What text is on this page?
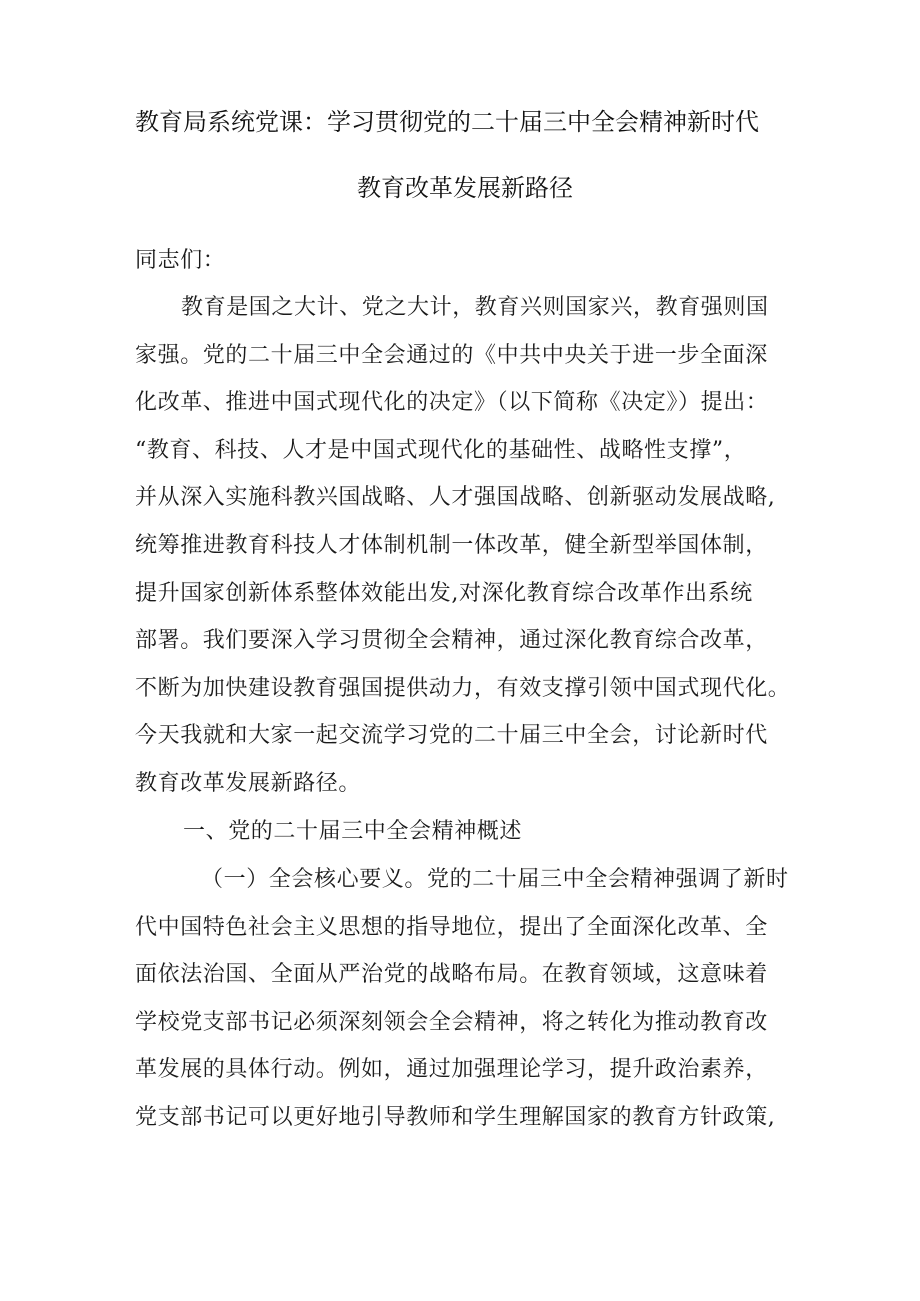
教育局系统党课：学习贯彻党的二十届三中全会精神新时代
教育改革发展新路径
同志们：
教育是国之大计、党之大计，教育兴则国家兴，教育强则国
家强。党的二十届三中全会通过的《中共中央关于进一步全面深
化改革、推进中国式现代化的决定》（以下简称《决定》）提出：
“教育、科技、人才是中国式现代化的基础性、战略性支撑”，
并从深入实施科教兴国战略、人才强国战略、创新驱动发展战略,
统筹推进教育科技人才体制机制一体改革，健全新型举国体制，
提升国家创新体系整体效能出发,对深化教育综合改革作出系统
部署。我们要深入学习贯彻全会精神，通过深化教育综合改革，
不断为加快建设教育强国提供动力，有效支撑引领中国式现代化。
今天我就和大家一起交流学习党的二十届三中全会，讨论新时代
教育改革发展新路径。
一、党的二十届三中全会精神概述
（一）全会核心要义。党的二十届三中全会精神强调了新时
代中国特色社会主义思想的指导地位，提出了全面深化改革、全
面依法治国、全面从严治党的战略布局。在教育领域，这意味着
学校党支部书记必须深刻领会全会精神，将之转化为推动教育改
革发展的具体行动。例如，通过加强理论学习，提升政治素养，
党支部书记可以更好地引导教师和学生理解国家的教育方针政策,
